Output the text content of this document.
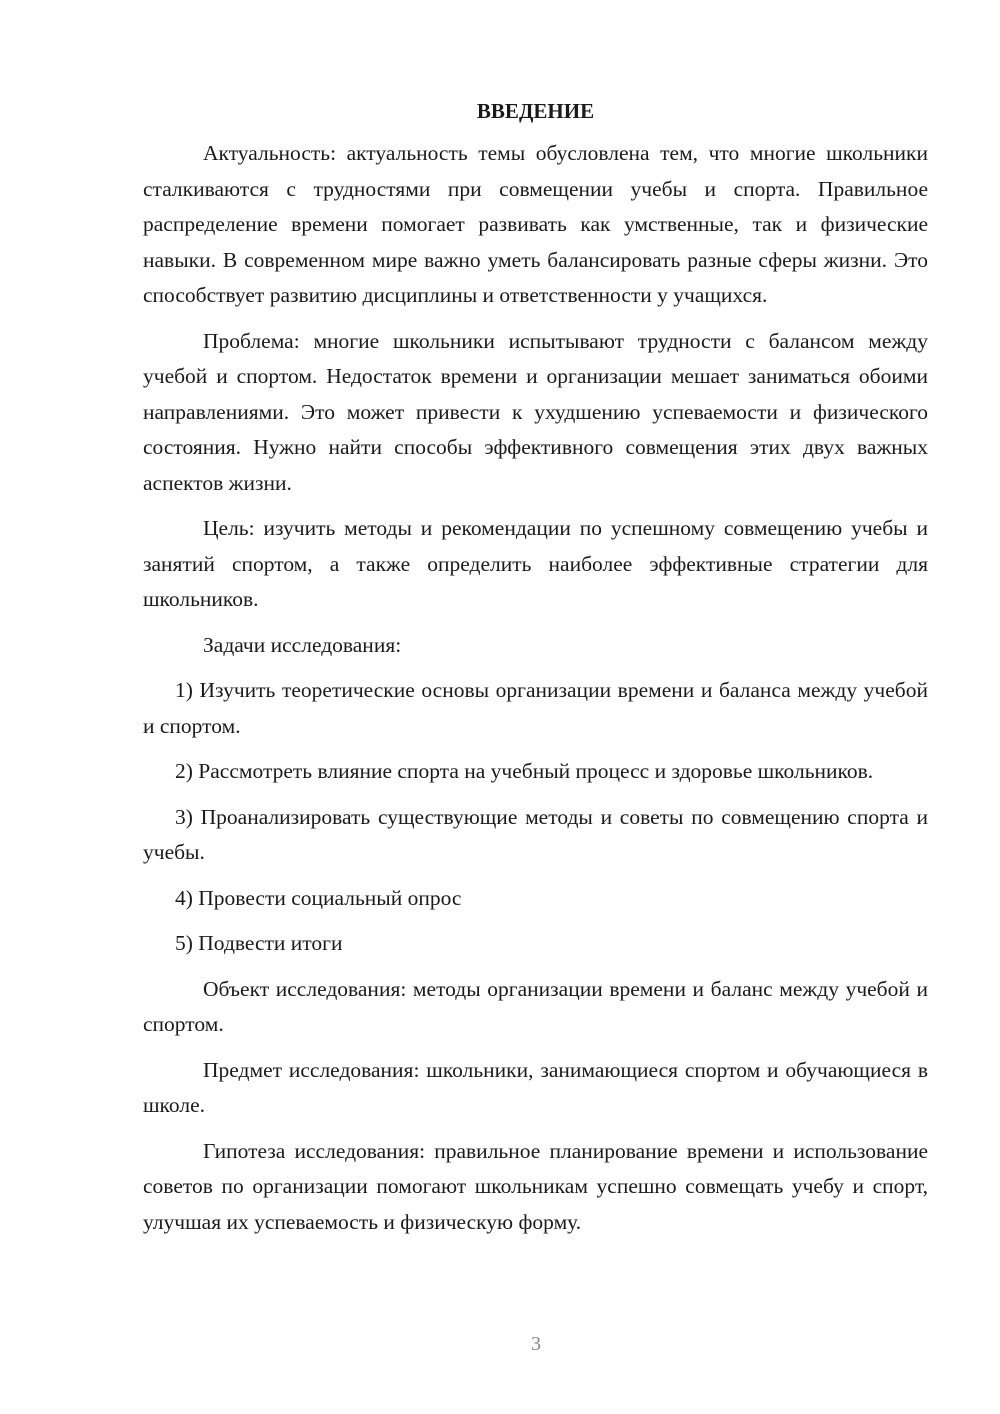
ВВЕДЕНИЕ

Актуальность: актуальность темы обусловлена тем, что многие школьники сталкиваются с трудностями при совмещении учебы и спорта. Правильное распределение времени помогает развивать как умственные, так и физические навыки. В современном мире важно уметь балансировать разные сферы жизни. Это способствует развитию дисциплины и ответственности у учащихся.

Проблема: многие школьники испытывают трудности с балансом между учебой и спортом. Недостаток времени и организации мешает заниматься обоими направлениями. Это может привести к ухудшению успеваемости и физического состояния. Нужно найти способы эффективного совмещения этих двух важных аспектов жизни.

Цель: изучить методы и рекомендации по успешному совмещению учебы и занятий спортом, а также определить наиболее эффективные стратегии для школьников.

Задачи исследования:

1) Изучить теоретические основы организации времени и баланса между учебой и спортом.

2) Рассмотреть влияние спорта на учебный процесс и здоровье школьников.

3) Проанализировать существующие методы и советы по совмещению спорта и учебы.

4) Провести социальный опрос

5) Подвести итоги

Объект исследования: методы организации времени и баланс между учебой и спортом.

Предмет исследования: школьники, занимающиеся спортом и обучающиеся в школе.

Гипотеза исследования: правильное планирование времени и использование советов по организации помогают школьникам успешно совмещать учебу и спорт, улучшая их успеваемость и физическую форму.

3
